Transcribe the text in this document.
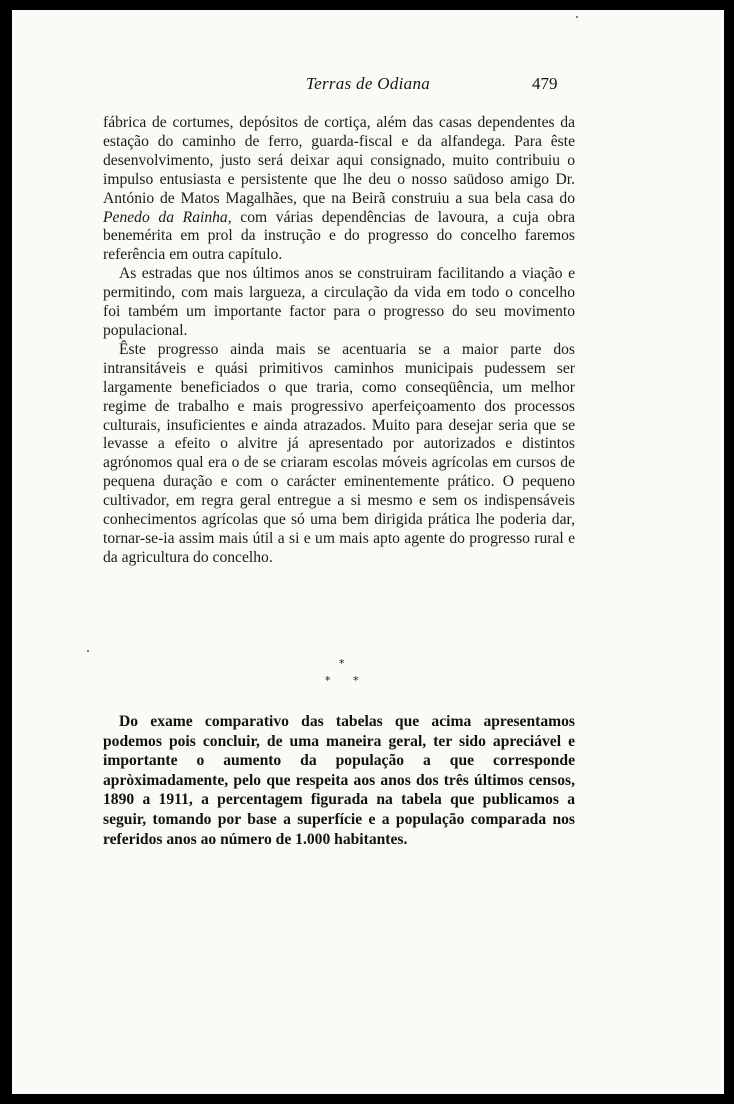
Terras de Odiana	479

fábrica de cortumes, depósitos de cortiça, além das casas dependentes da estação do caminho de ferro, guarda-fiscal e da alfandega. Para êste desenvolvimento, justo será deixar aqui consignado, muito contribuiu o impulso entusiasta e persistente que lhe deu o nosso saüdoso amigo Dr. António de Matos Magalhães, que na Beirã construiu a sua bela casa do Penedo da Rainha, com várias dependências de lavoura, a cuja obra benemérita em prol da instrução e do progresso do concelho faremos referência em outra capítulo.

As estradas que nos últimos anos se construiram facilitando a viação e permitindo, com mais largueza, a circulação da vida em todo o concelho foi também um importante factor para o progresso do seu movimento populacional.

Êste progresso ainda mais se acentuaria se a maior parte dos intransitáveis e quási primitivos caminhos municipais pudessem ser largamente beneficiados o que traria, como conseqüência, um melhor regime de trabalho e mais progressivo aperfeiçoamento dos processos culturais, insuficientes e ainda atrazados. Muito para desejar seria que se levasse a efeito o alvitre já apresentado por autorizados e distintos agrónomos qual era o de se criaram escolas móveis agrícolas em cursos de pequena duração e com o carácter eminentemente prático. O pequeno cultivador, em regra geral entregue a si mesmo e sem os indispensáveis conhecimentos agrícolas que só uma bem dirigida prática lhe poderia dar, tornar-se-ia assim mais útil a si e um mais apto agente do progresso rural e da agricultura do concelho.

*
* *

Do exame comparativo das tabelas que acima apresentamos podemos pois concluir, de uma maneira geral, ter sido apreciável e importante o aumento da população a que corresponde apròximadamente, pelo que respeita aos anos dos três últimos censos, 1890 a 1911, a percentagem figurada na tabela que publicamos a seguir, tomando por base a superfície e a população comparada nos referidos anos ao número de 1.000 habitantes.
